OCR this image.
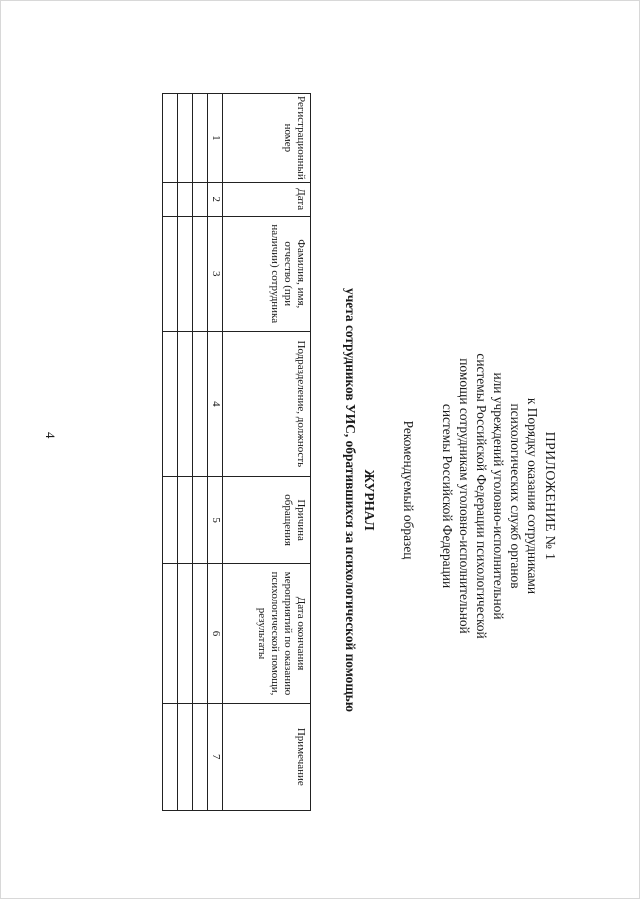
ПРИЛОЖЕНИЕ № 1
к Порядку оказания сотрудниками
психологических служб органов
или учреждений уголовно-исполнительной
системы Российской Федерации психологической
помощи сотрудникам уголовно-исполнительной
системы Российской Федерации
Рекомендуемый образец
ЖУРНАЛ
учета сотрудников УИС, обратившихся за психологической помощью
Регистрационный номер	Дата	Фамилия, имя, отчество (при наличии) сотрудника	Подразделение, должность	Причина обращения	Дата окончания мероприятий по оказанию психологической помощи, результаты	Примечание
1	2	3	4	5	6	7

4
